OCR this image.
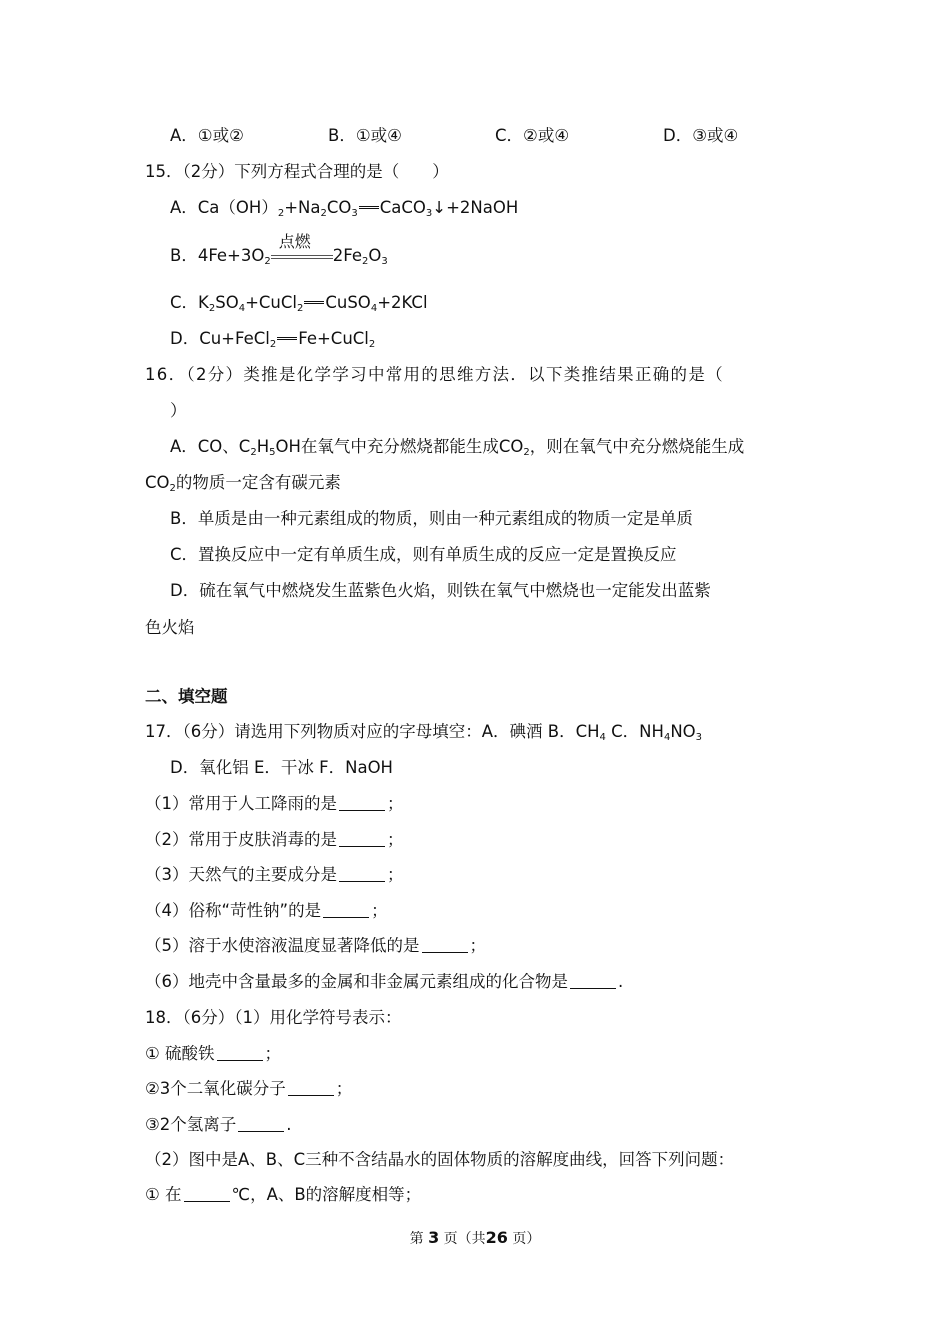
A．①或②	B．①或④	C．②或④	D．③或④
15．（2分）下列方程式合理的是（　　）
A．$Ca(OH)_2+Na_2CO_3$ CaCO$_3$↓+2NaOH
B．$4Fe+3O_2$
点燃
$2Fe_2O_3$
C．$K_2SO_4+CuCl_2$ CuSO$_4$+2KCl
D．Cu+FeCl$_2$ Fe+CuCl$_2$
16．（2分）类推是化学学习中常用的思维方法．以下类推结果正确的是（
）
A．CO、$C_2H_5OH$在氧气中充分燃烧都能生成$CO_2$，则在氧气中充分燃烧能生成
$CO_2$的物质一定含有碳元素
B．单质是由一种元素组成的物质，则由一种元素组成的物质一定是单质
C．置换反应中一定有单质生成，则有单质生成的反应一定是置换反应
D．硫在氧气中燃烧发生蓝紫色火焰，则铁在氧气中燃烧也一定能发出蓝紫
色火焰
二、填空题
17．（6分）请选用下列物质对应的字母填空：A．碘酒 B．$CH_4$ C．$NH_4NO_3$
D．氧化铝 E．干冰 F．NaOH
（1）常用于人工降雨的是	；
（2）常用于皮肤消毒的是	；
（3）天然气的主要成分是	；
（4）俗称“苛性钠”的是	；
（5）溶于水使溶液温度显著降低的是	；
（6）地壳中含量最多的金属和非金属元素组成的化合物是	.
18．（6分）（1）用化学符号表示：
① 硫酸铁	；
②3个二氧化碳分子	；
③2个氢离子	.
（2）图中是A、B、C三种不含结晶水的固体物质的溶解度曲线，回答下列问题：
① 在	℃，A、B的溶解度相等；
第 3 页（共26 页）
